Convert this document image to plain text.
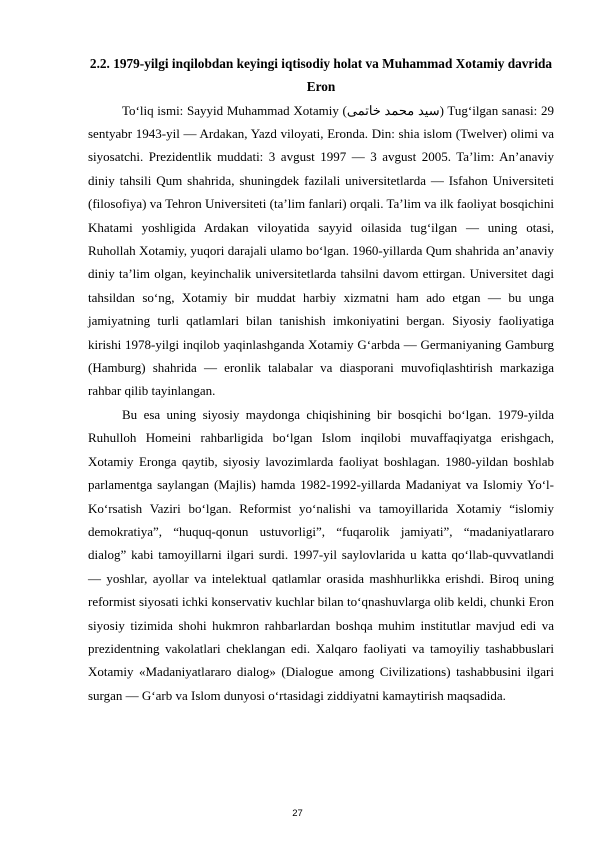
2.2. 1979-yilgi inqilobdan keyingi iqtisodiy holat va Muhammad Xotamiy davrida Eron

To‘liq ismi: Sayyid Muhammad Xotamiy (سید محمد خاتمی) Tug‘ilgan sanasi: 29 sentyabr 1943-yil — Ardakan, Yazd viloyati, Eronda. Din: shia islom (Twelver) olimi va siyosatchi. Prezidentlik muddati: 3 avgust 1997 — 3 avgust 2005. Ta’lim: An’anaviy diniy tahsili Qum shahrida, shuningdek fazilali universitetlarda — Isfahon Universiteti (filosofiya) va Tehron Universiteti (ta’lim fanlari) orqali. Ta’lim va ilk faoliyat bosqichini Khatami yoshligida Ardakan viloyatida sayyid oilasida tug‘ilgan — uning otasi, Ruhollah Xotamiy, yuqori darajali ulamo bo‘lgan. 1960-yillarda Qum shahrida an’anaviy diniy ta’lim olgan, keyinchalik universitetlarda tahsilni davom ettirgan. Universitet dagi tahsildan so‘ng, Xotamiy bir muddat harbiy xizmatni ham ado etgan — bu unga jamiyatning turli qatlamlari bilan tanishish imkoniyatini bergan. Siyosiy faoliyatiga kirishi 1978-yilgi inqilob yaqinlashganda Xotamiy G‘arbda — Germaniyaning Gamburg (Hamburg) shahrida — eronlik talabalar va diasporani muvofiqlashtirish markaziga rahbar qilib tayinlangan.

Bu esa uning siyosiy maydonga chiqishining bir bosqichi bo‘lgan. 1979-yilda Ruhulloh Homeini rahbarligida bo‘lgan Islom inqilobi muvaffaqiyatga erishgach, Xotamiy Eronga qaytib, siyosiy lavozimlarda faoliyat boshlagan. 1980-yildan boshlab parlamentga saylangan (Majlis) hamda 1982-1992-yillarda Madaniyat va Islomiy Yo‘l-Ko‘rsatish Vaziri bo‘lgan. Reformist yo‘nalishi va tamoyillarida Xotamiy “islomiy demokratiya”, “huquq-qonun ustuvorligi”, “fuqarolik jamiyati”, “madaniyatlararo dialog” kabi tamoyillarni ilgari surdi. 1997-yil saylovlarida u katta qo‘llab-quvvatlandi — yoshlar, ayollar va intelektual qatlamlar orasida mashhurlikka erishdi. Biroq uning reformist siyosati ichki konservativ kuchlar bilan to‘qnashuvlarga olib keldi, chunki Eron siyosiy tizimida shohi hukmron rahbarlardan boshqa muhim institutlar mavjud edi va prezidentning vakolatlari cheklangan edi. Xalqaro faoliyati va tamoyiliy tashabbuslari Xotamiy «Madaniyatlararo dialog» (Dialogue among Civilizations) tashabbusini ilgari surgan — G‘arb va Islom dunyosi o‘rtasidagi ziddiyatni kamaytirish maqsadida.

27
